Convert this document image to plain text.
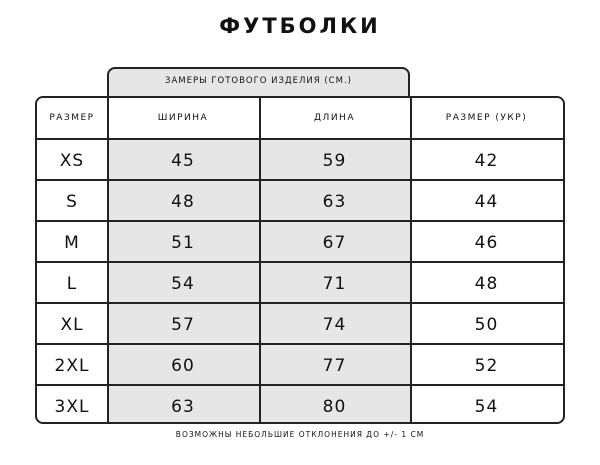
ФУТБОЛКИ
ЗАМЕРЫ ГОТОВОГО ИЗДЕЛИЯ (СМ.)
РАЗМЕР	ШИРИНА	ДЛИНА	РАЗМЕР (УКР)
XS	45	59	42
S	48	63	44
M	51	67	46
L	54	71	48
XL	57	74	50
2XL	60	77	52
3XL	63	80	54
ВОЗМОЖНЫ НЕБОЛЬШИЕ ОТКЛОНЕНИЯ ДО +/- 1 СМ
